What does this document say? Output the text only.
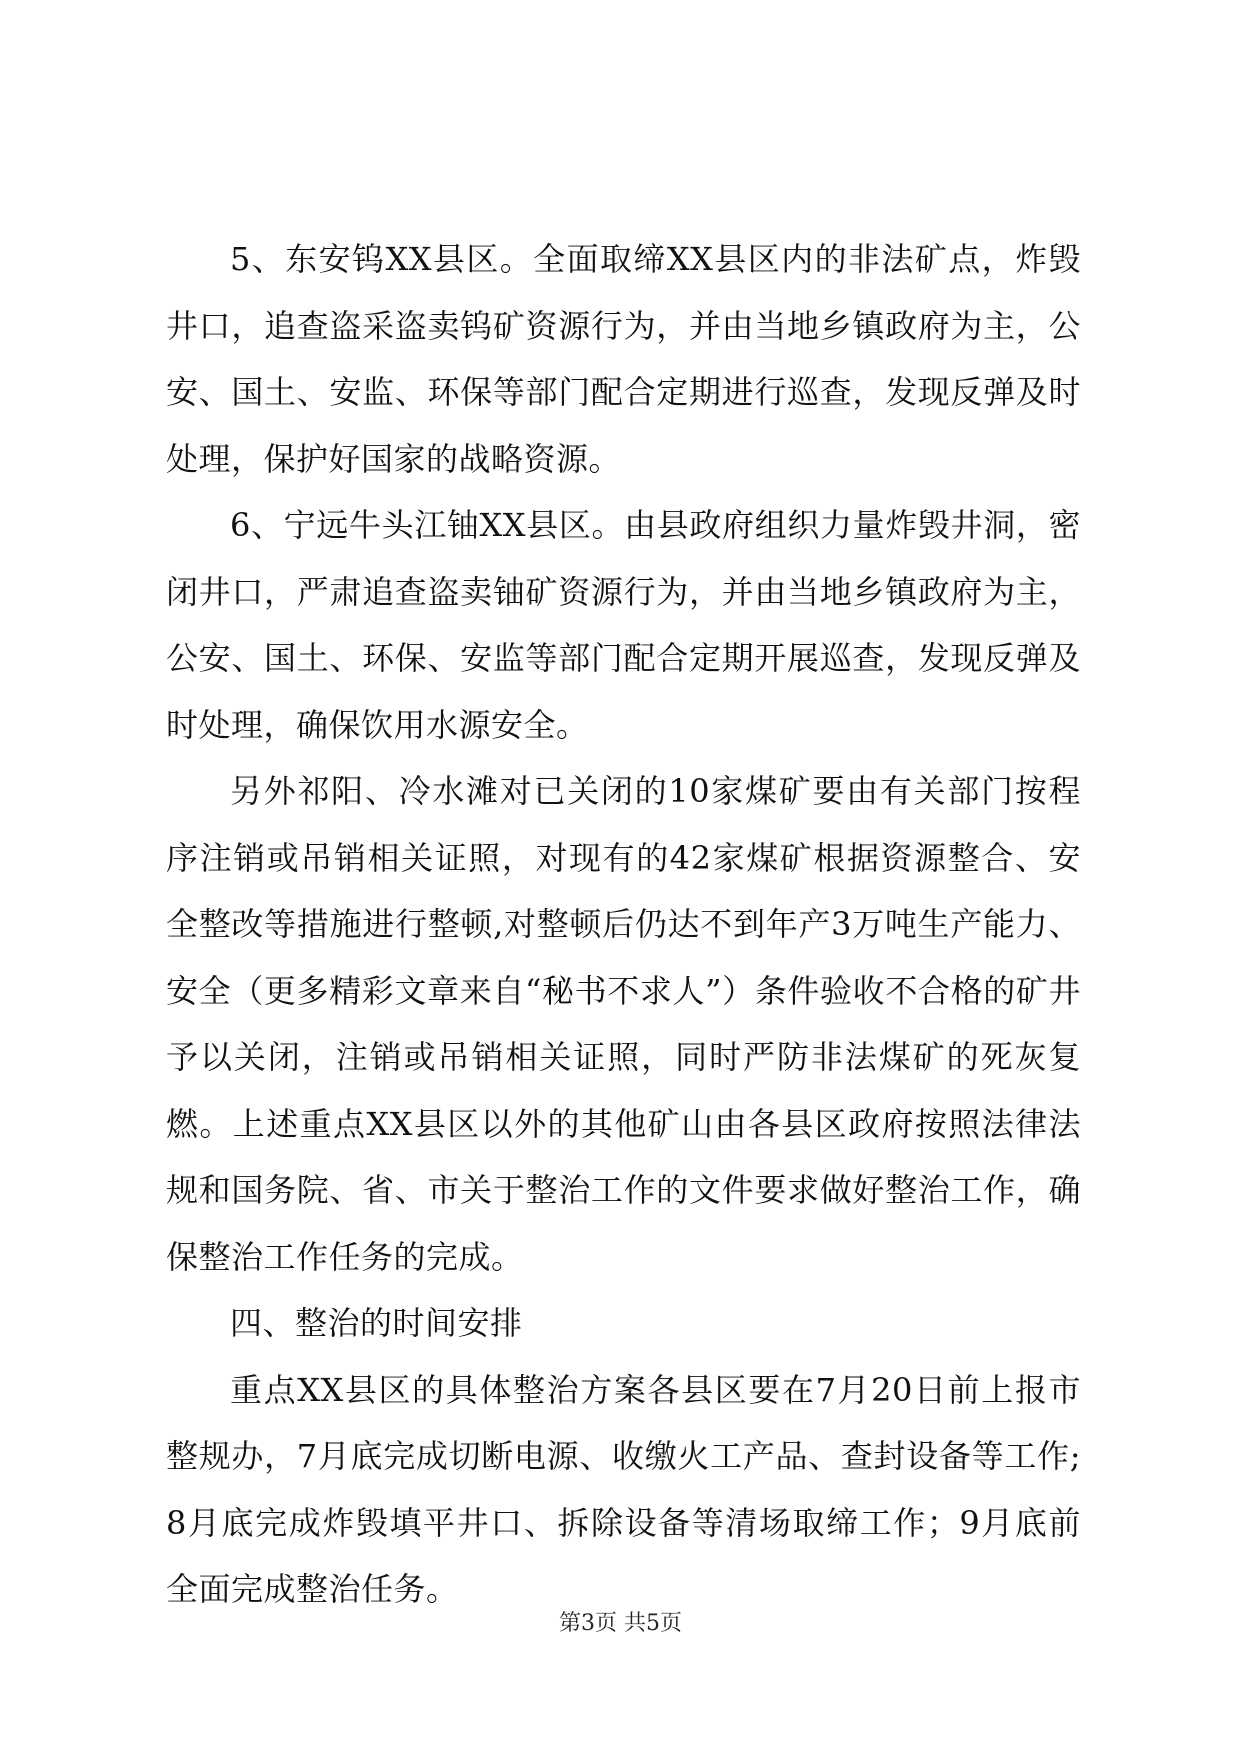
5、东安钨XX县区。全面取缔XX县区内的非法矿点，炸毁井口，追查盗采盗卖钨矿资源行为，并由当地乡镇政府为主，公安、国土、安监、环保等部门配合定期进行巡查，发现反弹及时处理，保护好国家的战略资源。

6、宁远牛头江铀XX县区。由县政府组织力量炸毁井洞，密闭井口，严肃追查盗卖铀矿资源行为，并由当地乡镇政府为主，公安、国土、环保、安监等部门配合定期开展巡查，发现反弹及时处理，确保饮用水源安全。

另外祁阳、冷水滩对已关闭的10家煤矿要由有关部门按程序注销或吊销相关证照，对现有的42家煤矿根据资源整合、安全整改等措施进行整顿,对整顿后仍达不到年产3万吨生产能力、安全（更多精彩文章来自“秘书不求人”）条件验收不合格的矿井予以关闭，注销或吊销相关证照，同时严防非法煤矿的死灰复燃。上述重点XX县区以外的其他矿山由各县区政府按照法律法规和国务院、省、市关于整治工作的文件要求做好整治工作，确保整治工作任务的完成。

四、整治的时间安排

重点XX县区的具体整治方案各县区要在7月20日前上报市整规办，7月底完成切断电源、收缴火工产品、查封设备等工作;8月底完成炸毁填平井口、拆除设备等清场取缔工作；9月底前全面完成整治任务。

第3页 共5页
